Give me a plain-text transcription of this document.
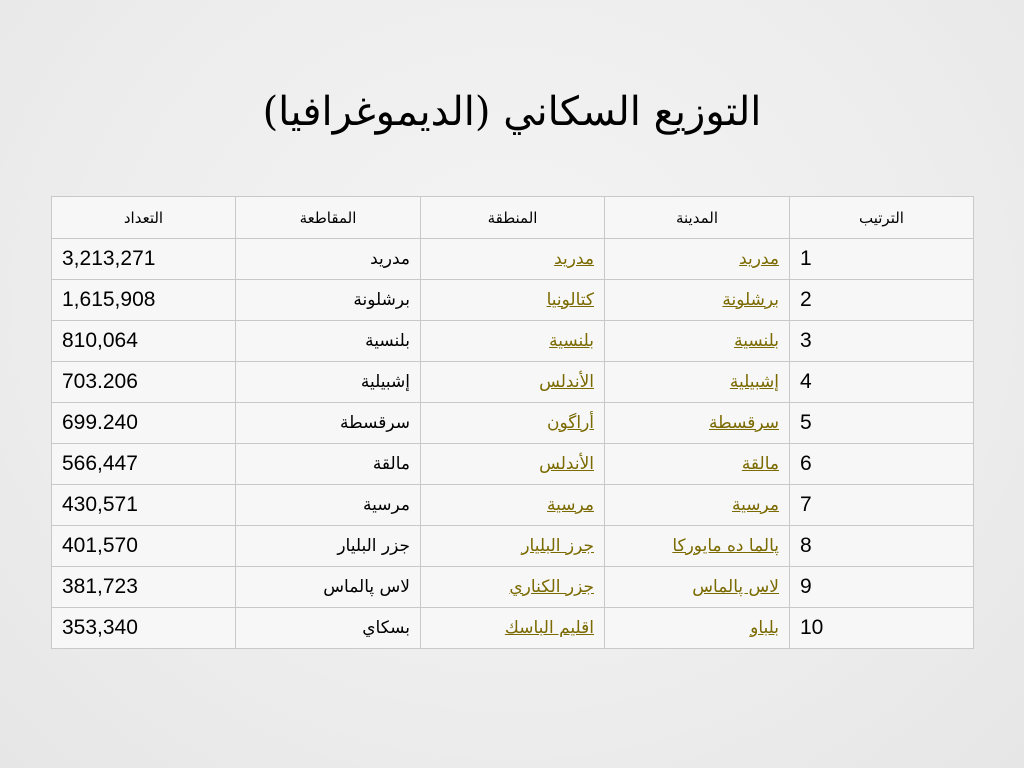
التوزيع السكاني (الديموغرافيا)
التعداد	المقاطعة	المنطقة	المدينة	الترتيب
3,213,271	مدريد	مدريد	مدريد	1
1,615,908	برشلونة	كتالونيا	برشلونة	2
810,064	بلنسية	بلنسية	بلنسية	3
703.206	إشبيلية	الأندلس	إشبيلية	4
699.240	سرقسطة	أراگون	سرقسطة	5
566,447	مالقة	الأندلس	مالقة	6
430,571	مرسية	مرسية	مرسية	7
401,570	جزر البليار	جرز البليار	پالما ده مايوركا	8
381,723	لاس پالماس	جزر الكناري	لاس پالماس	9
353,340	بسكاي	اقليم الباسك	بلباو	10
